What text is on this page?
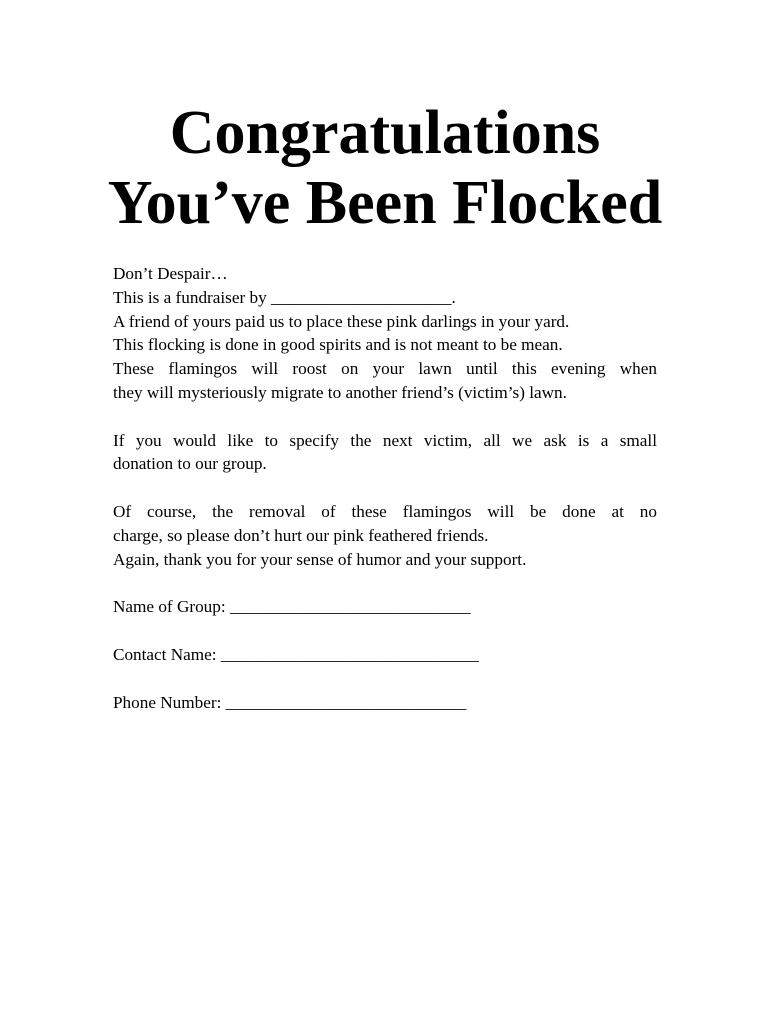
Congratulations
You’ve Been Flocked
Don’t Despair…
This is a fundraiser by _____________________.
A friend of yours paid us to place these pink darlings in your yard.
This flocking is done in good spirits and is not meant to be mean.
These flamingos will roost on your lawn until this evening when
they will mysteriously migrate to another friend’s (victim’s) lawn.
If you would like to specify the next victim, all we ask is a small
donation to our group.
Of course, the removal of these flamingos will be done at no
charge, so please don’t hurt our pink feathered friends.
Again, thank you for your sense of humor and your support.
Name of Group: ____________________________
Contact Name: ______________________________
Phone Number: ____________________________
